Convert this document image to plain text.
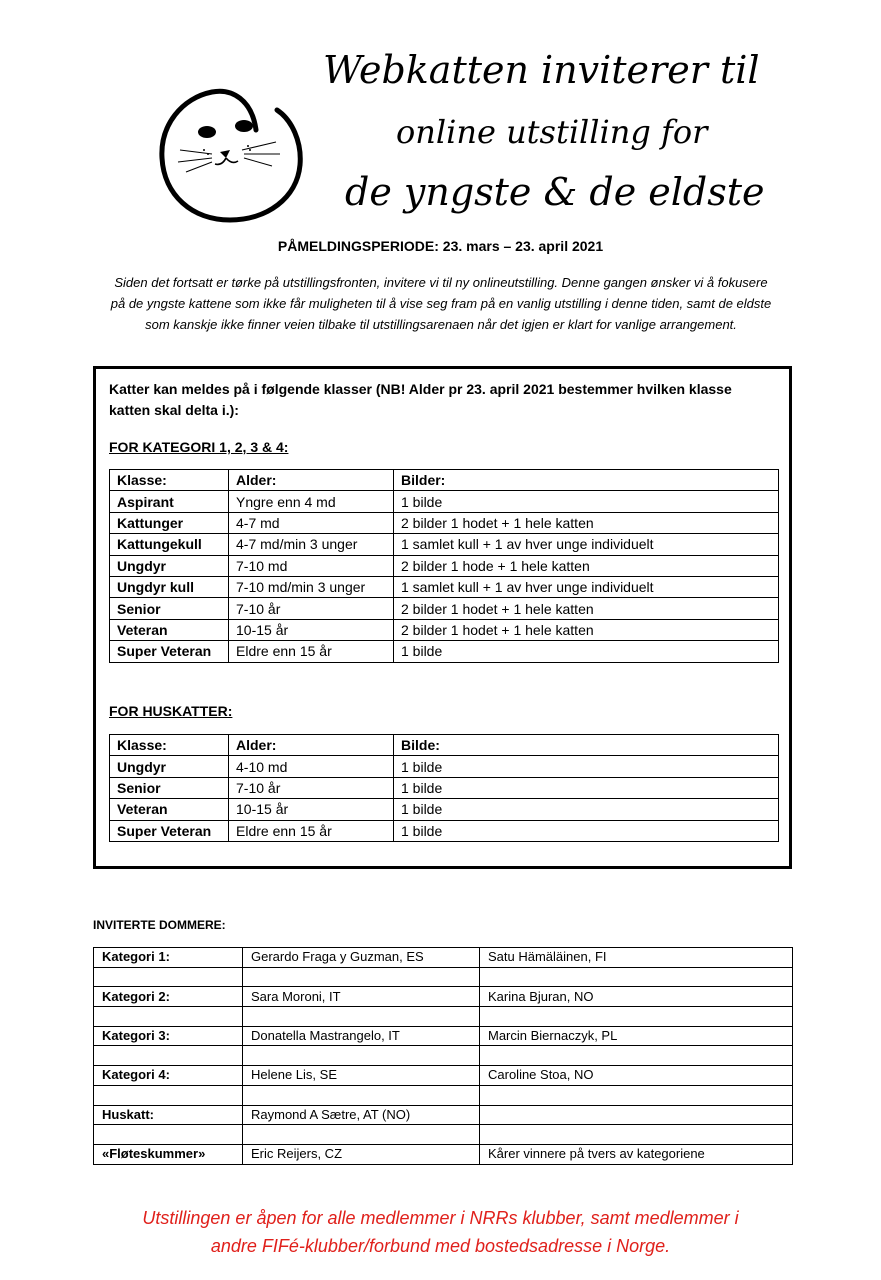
Webkatten inviterer til
online utstilling for
de yngste & de eldste
PÅMELDINGSPERIODE: 23. mars – 23. april 2021
Siden det fortsatt er tørke på utstillingsfronten, invitere vi til ny onlineutstilling. Denne gangen ønsker vi å fokusere på de yngste kattene som ikke får muligheten til å vise seg fram på en vanlig utstilling i denne tiden, samt de eldste som kanskje ikke finner veien tilbake til utstillingsarenaen når det igjen er klart for vanlige arrangement.
Katter kan meldes på i følgende klasser (NB! Alder pr 23. april 2021 bestemmer hvilken klasse katten skal delta i.):
FOR KATEGORI 1, 2, 3 & 4:
Klasse:	Alder:	Bilder:
Aspirant	Yngre enn 4 md	1 bilde
Kattunger	4-7 md	2 bilder 1 hodet + 1 hele katten
Kattungekull	4-7 md/min 3 unger	1 samlet kull + 1 av hver unge individuelt
Ungdyr	7-10 md	2 bilder 1 hode + 1 hele katten
Ungdyr kull	7-10 md/min 3 unger	1 samlet kull + 1 av hver unge individuelt
Senior	7-10 år	2 bilder 1 hodet + 1 hele katten
Veteran	10-15 år	2 bilder 1 hodet + 1 hele katten
Super Veteran	Eldre enn 15 år	1 bilde
FOR HUSKATTER:
Klasse:	Alder:	Bilde:
Ungdyr	4-10 md	1 bilde
Senior	7-10 år	1 bilde
Veteran	10-15 år	1 bilde
Super Veteran	Eldre enn 15 år	1 bilde
INVITERTE DOMMERE:
Kategori 1:	Gerardo Fraga y Guzman, ES	Satu Hämäläinen, FI

Kategori 2:	Sara Moroni, IT	Karina Bjuran, NO

Kategori 3:	Donatella Mastrangelo, IT	Marcin Biernaczyk, PL

Kategori 4:	Helene Lis, SE	Caroline Stoa, NO

Huskatt:	Raymond A Sætre, AT (NO)	

«Fløteskummer»	Eric Reijers, CZ	Kårer vinnere på tvers av kategoriene
Utstillingen er åpen for alle medlemmer i NRRs klubber, samt medlemmer i
andre FIFé-klubber/forbund med bostedsadresse i Norge.
